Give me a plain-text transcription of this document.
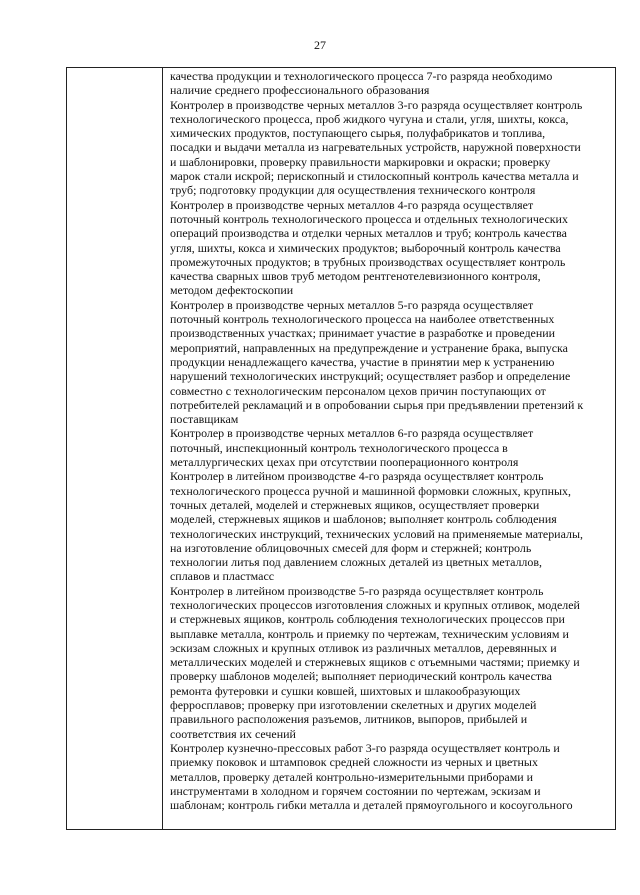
27
качества продукции и технологического процесса 7-го разряда необходимо
наличие среднего профессионального образования
Контролер в производстве черных металлов 3-го разряда осуществляет контроль
технологического процесса, проб жидкого чугуна и стали, угля, шихты, кокса,
химических продуктов, поступающего сырья, полуфабрикатов и топлива,
посадки и выдачи металла из нагревательных устройств, наружной поверхности
и шаблонировки, проверку правильности маркировки и окраски; проверку
марок стали искрой; перископный и стилоскопный контроль качества металла и
труб; подготовку продукции для осуществления технического контроля
Контролер в производстве черных металлов 4-го разряда осуществляет
поточный контроль технологического процесса и отдельных технологических
операций производства и отделки черных металлов и труб; контроль качества
угля, шихты, кокса и химических продуктов; выборочный контроль качества
промежуточных продуктов; в трубных производствах осуществляет контроль
качества сварных швов труб методом рентгенотелевизионного контроля,
методом дефектоскопии
Контролер в производстве черных металлов 5-го разряда осуществляет
поточный контроль технологического процесса на наиболее ответственных
производственных участках; принимает участие в разработке и проведении
мероприятий, направленных на предупреждение и устранение брака, выпуска
продукции ненадлежащего качества, участие в принятии мер к устранению
нарушений технологических инструкций; осуществляет разбор и определение
совместно с технологическим персоналом цехов причин поступающих от
потребителей рекламаций и в опробовании сырья при предъявлении претензий к
поставщикам
Контролер в производстве черных металлов 6-го разряда осуществляет
поточный, инспекционный контроль технологического процесса в
металлургических цехах при отсутствии пооперационного контроля
Контролер в литейном производстве 4-го разряда осуществляет контроль
технологического процесса ручной и машинной формовки сложных, крупных,
точных деталей, моделей и стержневых ящиков, осуществляет проверки
моделей, стержневых ящиков и шаблонов; выполняет контроль соблюдения
технологических инструкций, технических условий на применяемые материалы,
на изготовление облицовочных смесей для форм и стержней; контроль
технологии литья под давлением сложных деталей из цветных металлов,
сплавов и пластмасс
Контролер в литейном производстве 5-го разряда осуществляет контроль
технологических процессов изготовления сложных и крупных отливок, моделей
и стержневых ящиков, контроль соблюдения технологических процессов при
выплавке металла, контроль и приемку по чертежам, техническим условиям и
эскизам сложных и крупных отливок из различных металлов, деревянных и
металлических моделей и стержневых ящиков с отъемными частями; приемку и
проверку шаблонов моделей; выполняет периодический контроль качества
ремонта футеровки и сушки ковшей, шихтовых и шлакообразующих
ферросплавов; проверку при изготовлении скелетных и других моделей
правильного расположения разъемов, литников, выпоров, прибылей и
соответствия их сечений
Контролер кузнечно-прессовых работ 3-го разряда осуществляет контроль и
приемку поковок и штамповок средней сложности из черных и цветных
металлов, проверку деталей контрольно-измерительными приборами и
инструментами в холодном и горячем состоянии по чертежам, эскизам и
шаблонам; контроль гибки металла и деталей прямоугольного и косоугольного
